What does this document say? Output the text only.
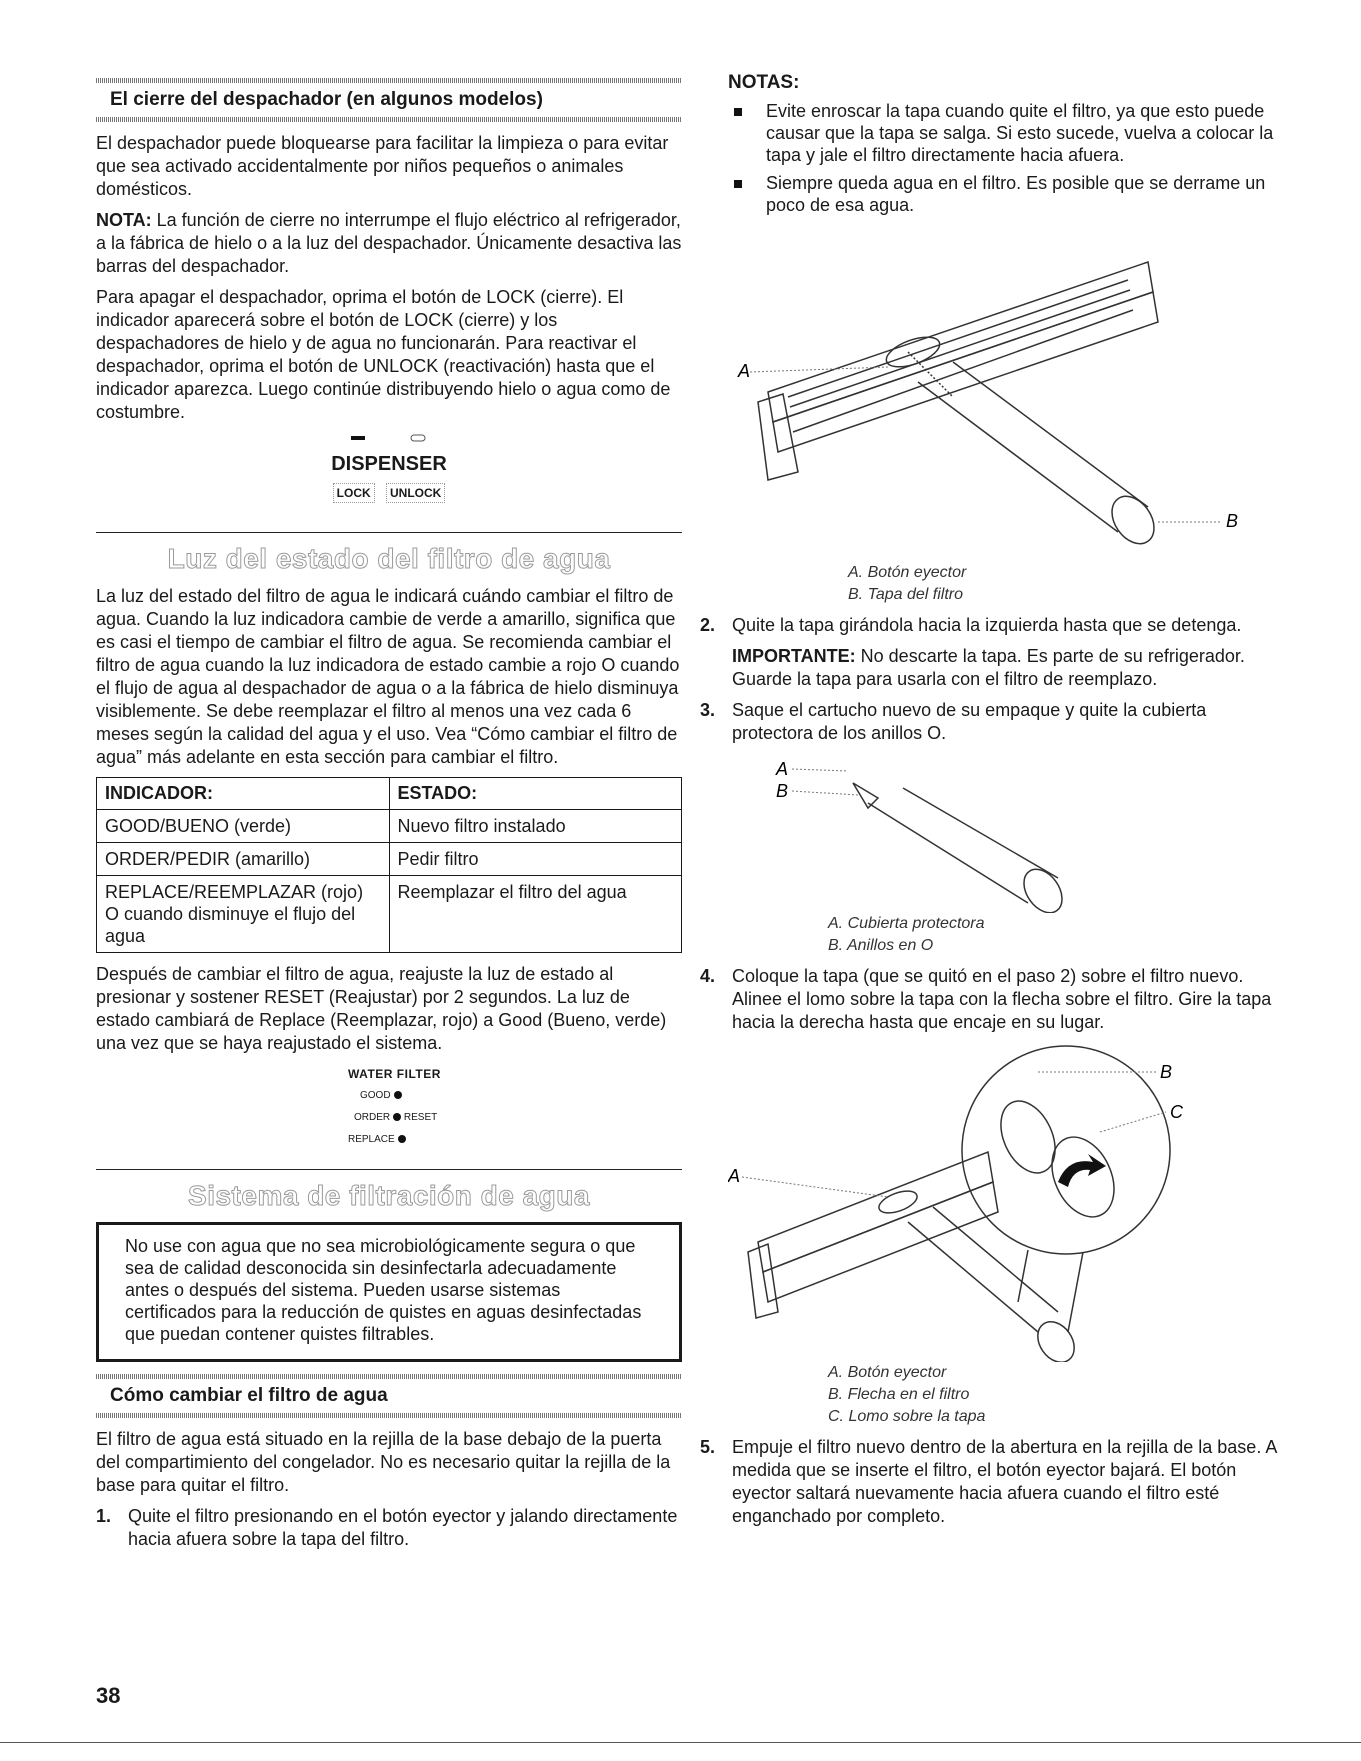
El cierre del despachador (en algunos modelos)

El despachador puede bloquearse para facilitar la limpieza o para evitar que sea activado accidentalmente por niños pequeños o animales domésticos.

NOTA: La función de cierre no interrumpe el flujo eléctrico al refrigerador, a la fábrica de hielo o a la luz del despachador. Únicamente desactiva las barras del despachador.

Para apagar el despachador, oprima el botón de LOCK (cierre). El indicador aparecerá sobre el botón de LOCK (cierre) y los despachadores de hielo y de agua no funcionarán. Para reactivar el despachador, oprima el botón de UNLOCK (reactivación) hasta que el indicador aparezca. Luego continúe distribuyendo hielo o agua como de costumbre.

DISPENSER
LOCK UNLOCK
Luz del estado del filtro de agua

La luz del estado del filtro de agua le indicará cuándo cambiar el filtro de agua. Cuando la luz indicadora cambie de verde a amarillo, significa que es casi el tiempo de cambiar el filtro de agua. Se recomienda cambiar el filtro de agua cuando la luz indicadora de estado cambie a rojo O cuando el flujo de agua al despachador de agua o a la fábrica de hielo disminuya visiblemente. Se debe reemplazar el filtro al menos una vez cada 6 meses según la calidad del agua y el uso. Vea “Cómo cambiar el filtro de agua” más adelante en esta sección para cambiar el filtro.

INDICADOR:	ESTADO:
GOOD/BUENO (verde)	Nuevo filtro instalado
ORDER/PEDIR (amarillo)	Pedir filtro
REPLACE/REEMPLAZAR (rojo) O cuando disminuye el flujo del agua	Reemplazar el filtro del agua

Después de cambiar el filtro de agua, reajuste la luz de estado al presionar y sostener RESET (Reajustar) por 2 segundos. La luz de estado cambiará de Replace (Reemplazar, rojo) a Good (Bueno, verde) una vez que se haya reajustado el sistema.

WATER FILTER
GOOD
ORDER RESET
REPLACE
Sistema de filtración de agua

No use con agua que no sea microbiológicamente segura o que sea de calidad desconocida sin desinfectarla adecuadamente antes o después del sistema. Pueden usarse sistemas certificados para la reducción de quistes en aguas desinfectadas que puedan contener quistes filtrables.

Cómo cambiar el filtro de agua

El filtro de agua está situado en la rejilla de la base debajo de la puerta del compartimiento del congelador. No es necesario quitar la rejilla de la base para quitar el filtro.

1. Quite el filtro presionando en el botón eyector y jalando directamente hacia afuera sobre la tapa del filtro.
38
NOTAS:
Evite enroscar la tapa cuando quite el filtro, ya que esto puede causar que la tapa se salga. Si esto sucede, vuelva a colocar la tapa y jale el filtro directamente hacia afuera.
Siempre queda agua en el filtro. Es posible que se derrame un poco de esa agua.
A
B
A. Botón eyector
B. Tapa del filtro
2. Quite la tapa girándola hacia la izquierda hasta que se detenga.

IMPORTANTE: No descarte la tapa. Es parte de su refrigerador. Guarde la tapa para usarla con el filtro de reemplazo.

3. Saque el cartucho nuevo de su empaque y quite la cubierta protectora de los anillos O.
A
B
A. Cubierta protectora
B. Anillos en O
4. Coloque la tapa (que se quitó en el paso 2) sobre el filtro nuevo. Alinee el lomo sobre la tapa con la flecha sobre el filtro. Gire la tapa hacia la derecha hasta que encaje en su lugar.
A
B
C
A. Botón eyector
B. Flecha en el filtro
C. Lomo sobre la tapa
5. Empuje el filtro nuevo dentro de la abertura en la rejilla de la base. A medida que se inserte el filtro, el botón eyector bajará. El botón eyector saltará nuevamente hacia afuera cuando el filtro esté enganchado por completo.
